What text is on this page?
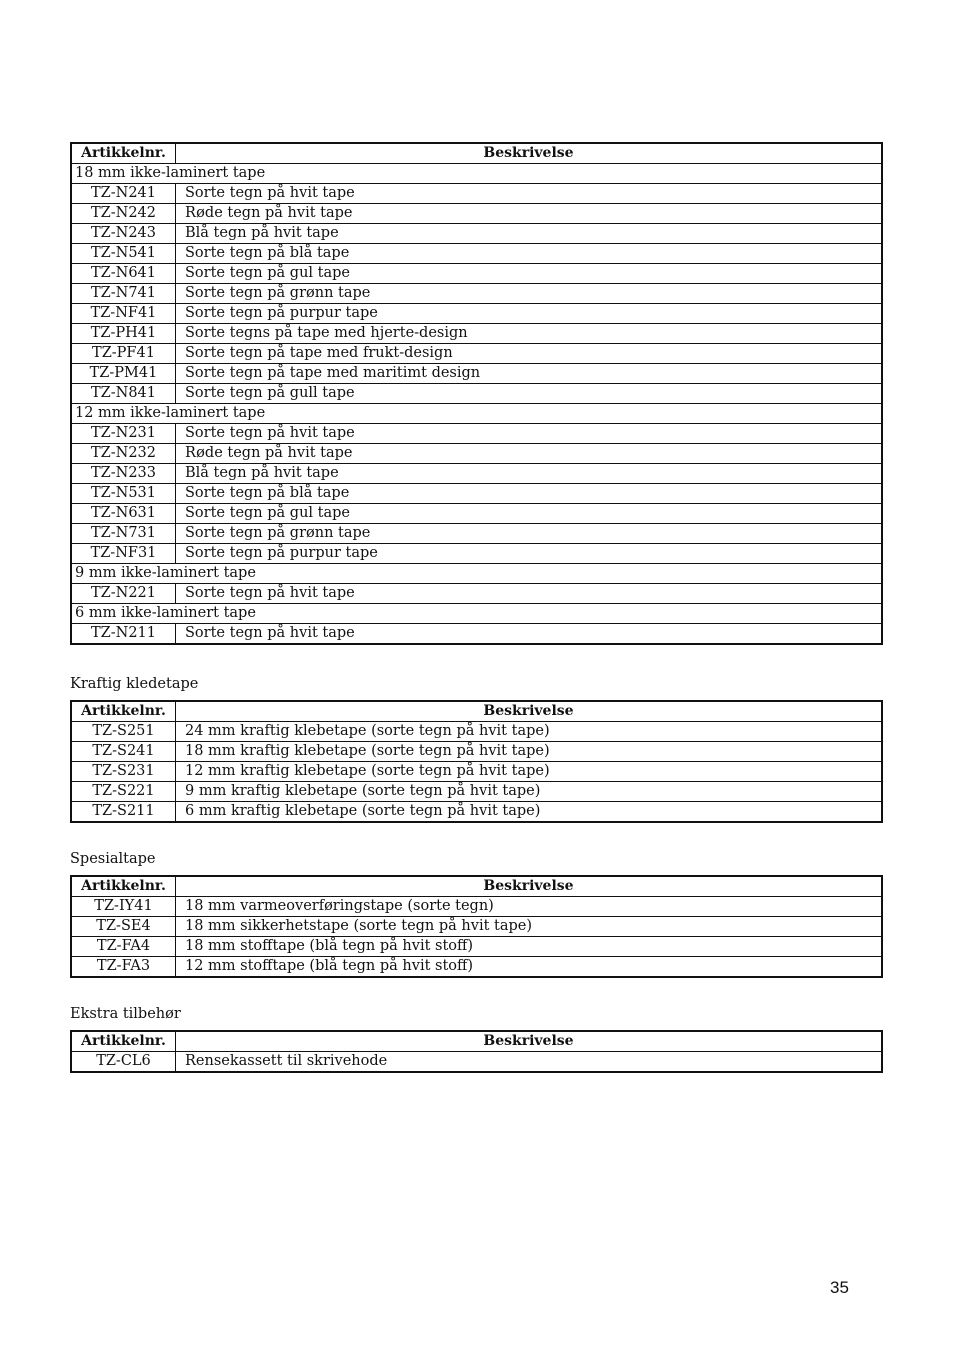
Kraftig kledetape
Spesialtape
Ekstra tilbehør
Artikkelnr.	Beskrivelse
18 mm ikke-laminert tape	
TZ-N241	Sorte tegn på hvit tape
TZ-N242	Røde tegn på hvit tape
TZ-N243	Blå tegn på hvit tape
TZ-N541	Sorte tegn på blå tape
TZ-N641	Sorte tegn på gul tape
TZ-N741	Sorte tegn på grønn tape
TZ-NF41	Sorte tegn på purpur tape
TZ-PH41	Sorte tegns på tape med hjerte-design
TZ-PF41	Sorte tegn på tape med frukt-design
TZ-PM41	Sorte tegn på tape med maritimt design
TZ-N841	Sorte tegn på gull tape
12 mm ikke-laminert tape	
TZ-N231	Sorte tegn på hvit tape
TZ-N232	Røde tegn på hvit tape
TZ-N233	Blå tegn på hvit tape
TZ-N531	Sorte tegn på blå tape
TZ-N631	Sorte tegn på gul tape
TZ-N731	Sorte tegn på grønn tape
TZ-NF31	Sorte tegn på purpur tape
9 mm ikke-laminert tape	
TZ-N221	Sorte tegn på hvit tape
6 mm ikke-laminert tape	
TZ-N211	Sorte tegn på hvit tape
Artikkelnr.	Beskrivelse
TZ-S251	24 mm kraftig klebetape (sorte tegn på hvit tape)
TZ-S241	18 mm kraftig klebetape (sorte tegn på hvit tape)
TZ-S231	12 mm kraftig klebetape (sorte tegn på hvit tape)
TZ-S221	9 mm kraftig klebetape (sorte tegn på hvit tape)
TZ-S211	6 mm kraftig klebetape (sorte tegn på hvit tape)
Artikkelnr.	Beskrivelse
TZ-IY41	18 mm varmeoverføringstape (sorte tegn)
TZ-SE4	18 mm sikkerhetstape (sorte tegn på hvit tape)
TZ-FA4	18 mm stofftape (blå tegn på hvit stoff)
TZ-FA3	12 mm stofftape (blå tegn på hvit stoff)
Artikkelnr.	Beskrivelse
TZ-CL6	Rensekassett til skrivehode
35
